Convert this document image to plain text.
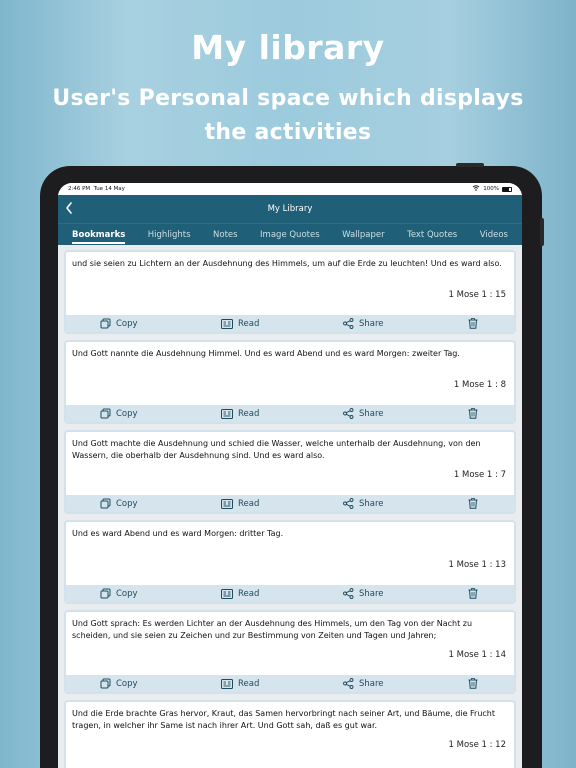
My library
User's Personal space which displays the activities
2:46 PM Tue 14 May	100%
My Library
Bookmarks	Highlights	Notes	Image Quotes	Wallpaper	Text Quotes	Videos
und sie seien zu Lichtern an der Ausdehnung des Himmels, um auf die Erde zu leuchten! Und es ward also.
1 Mose 1 : 15
Copy	Read	Share
Und Gott nannte die Ausdehnung Himmel. Und es ward Abend und es ward Morgen: zweiter Tag.
1 Mose 1 : 8
Copy	Read	Share
Und Gott machte die Ausdehnung und schied die Wasser, welche unterhalb der Ausdehnung, von den Wassern, die oberhalb der Ausdehnung sind. Und es ward also.
1 Mose 1 : 7
Copy	Read	Share
Und es ward Abend und es ward Morgen: dritter Tag.
1 Mose 1 : 13
Copy	Read	Share
Und Gott sprach: Es werden Lichter an der Ausdehnung des Himmels, um den Tag von der Nacht zu scheiden, und sie seien zu Zeichen und zur Bestimmung von Zeiten und Tagen und Jahren;
1 Mose 1 : 14
Copy	Read	Share
Und die Erde brachte Gras hervor, Kraut, das Samen hervorbringt nach seiner Art, und Bäume, die Frucht tragen, in welcher ihr Same ist nach ihrer Art. Und Gott sah, daß es gut war.
1 Mose 1 : 12
